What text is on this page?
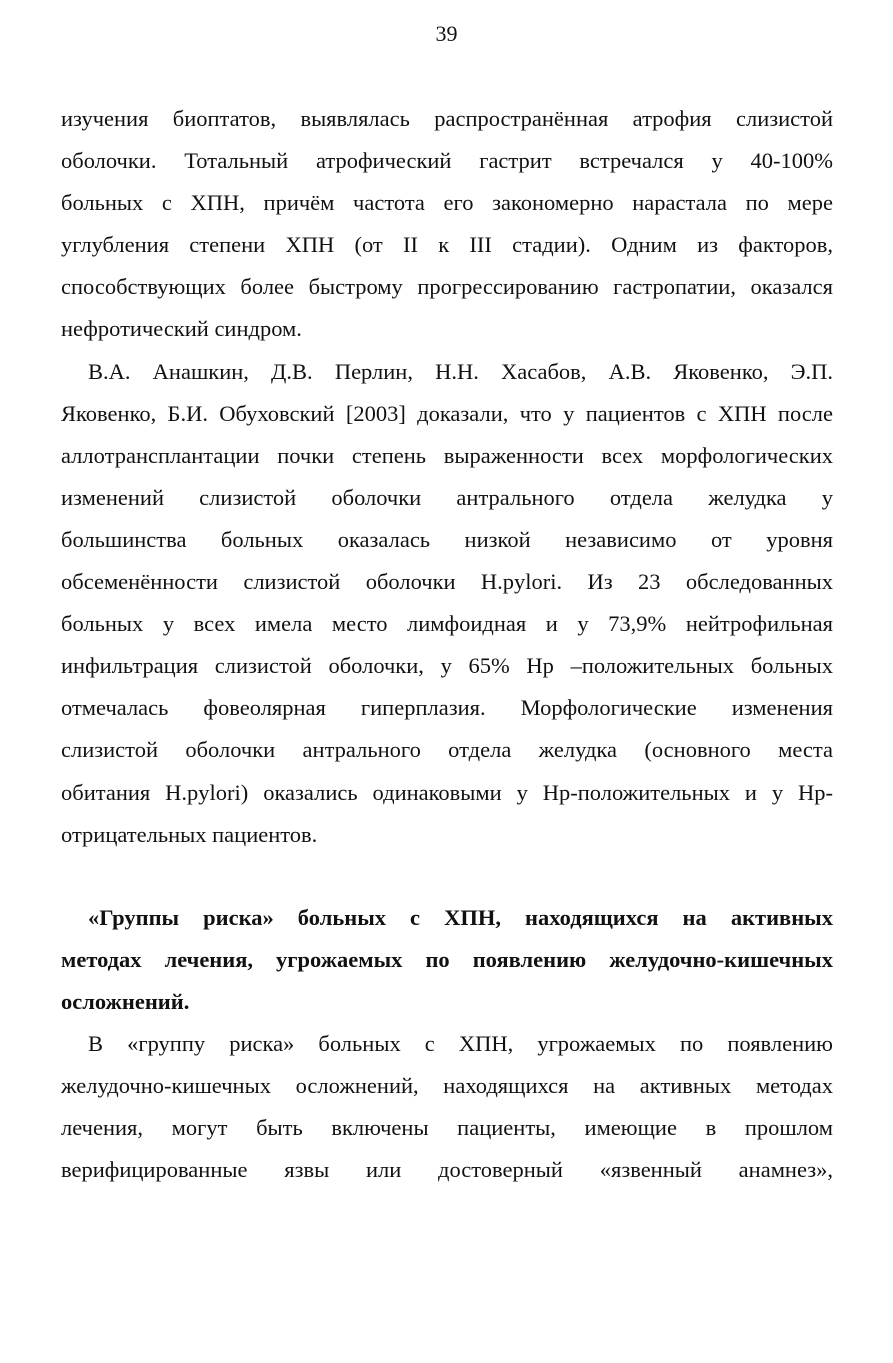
39
изучения биоптатов, выявлялась распространённая атрофия слизистой
оболочки. Тотальный атрофический гастрит встречался у 40-100%
больных с ХПН, причём частота его закономерно нарастала по мере
углубления степени ХПН (от II к III стадии). Одним из факторов,
способствующих более быстрому прогрессированию гастропатии, оказался
нефротический синдром.
В.А. Анашкин, Д.В. Перлин, Н.Н. Хасабов, А.В. Яковенко, Э.П.
Яковенко, Б.И. Обуховский [2003] доказали, что у пациентов с ХПН после
аллотрансплантации почки степень выраженности всех морфологических
изменений слизистой оболочки антрального отдела желудка у
большинства больных оказалась низкой независимо от уровня
обсеменённости слизистой оболочки H.pylori. Из 23 обследованных
больных у всех имела место лимфоидная и у 73,9% нейтрофильная
инфильтрация слизистой оболочки, у 65% Hp –положительных больных
отмечалась фовеолярная гиперплазия. Морфологические изменения
слизистой оболочки антрального отдела желудка (основного места
обитания H.pylori) оказались одинаковыми у Hp-положительных и у Hp-
отрицательных пациентов.
«Группы риска» больных с ХПН, находящихся на активных
методах лечения, угрожаемых по появлению желудочно-кишечных
осложнений.
В «группу риска» больных с ХПН, угрожаемых по появлению
желудочно-кишечных осложнений, находящихся на активных методах
лечения, могут быть включены пациенты, имеющие в прошлом
верифицированные язвы или достоверный «язвенный анамнез»,
